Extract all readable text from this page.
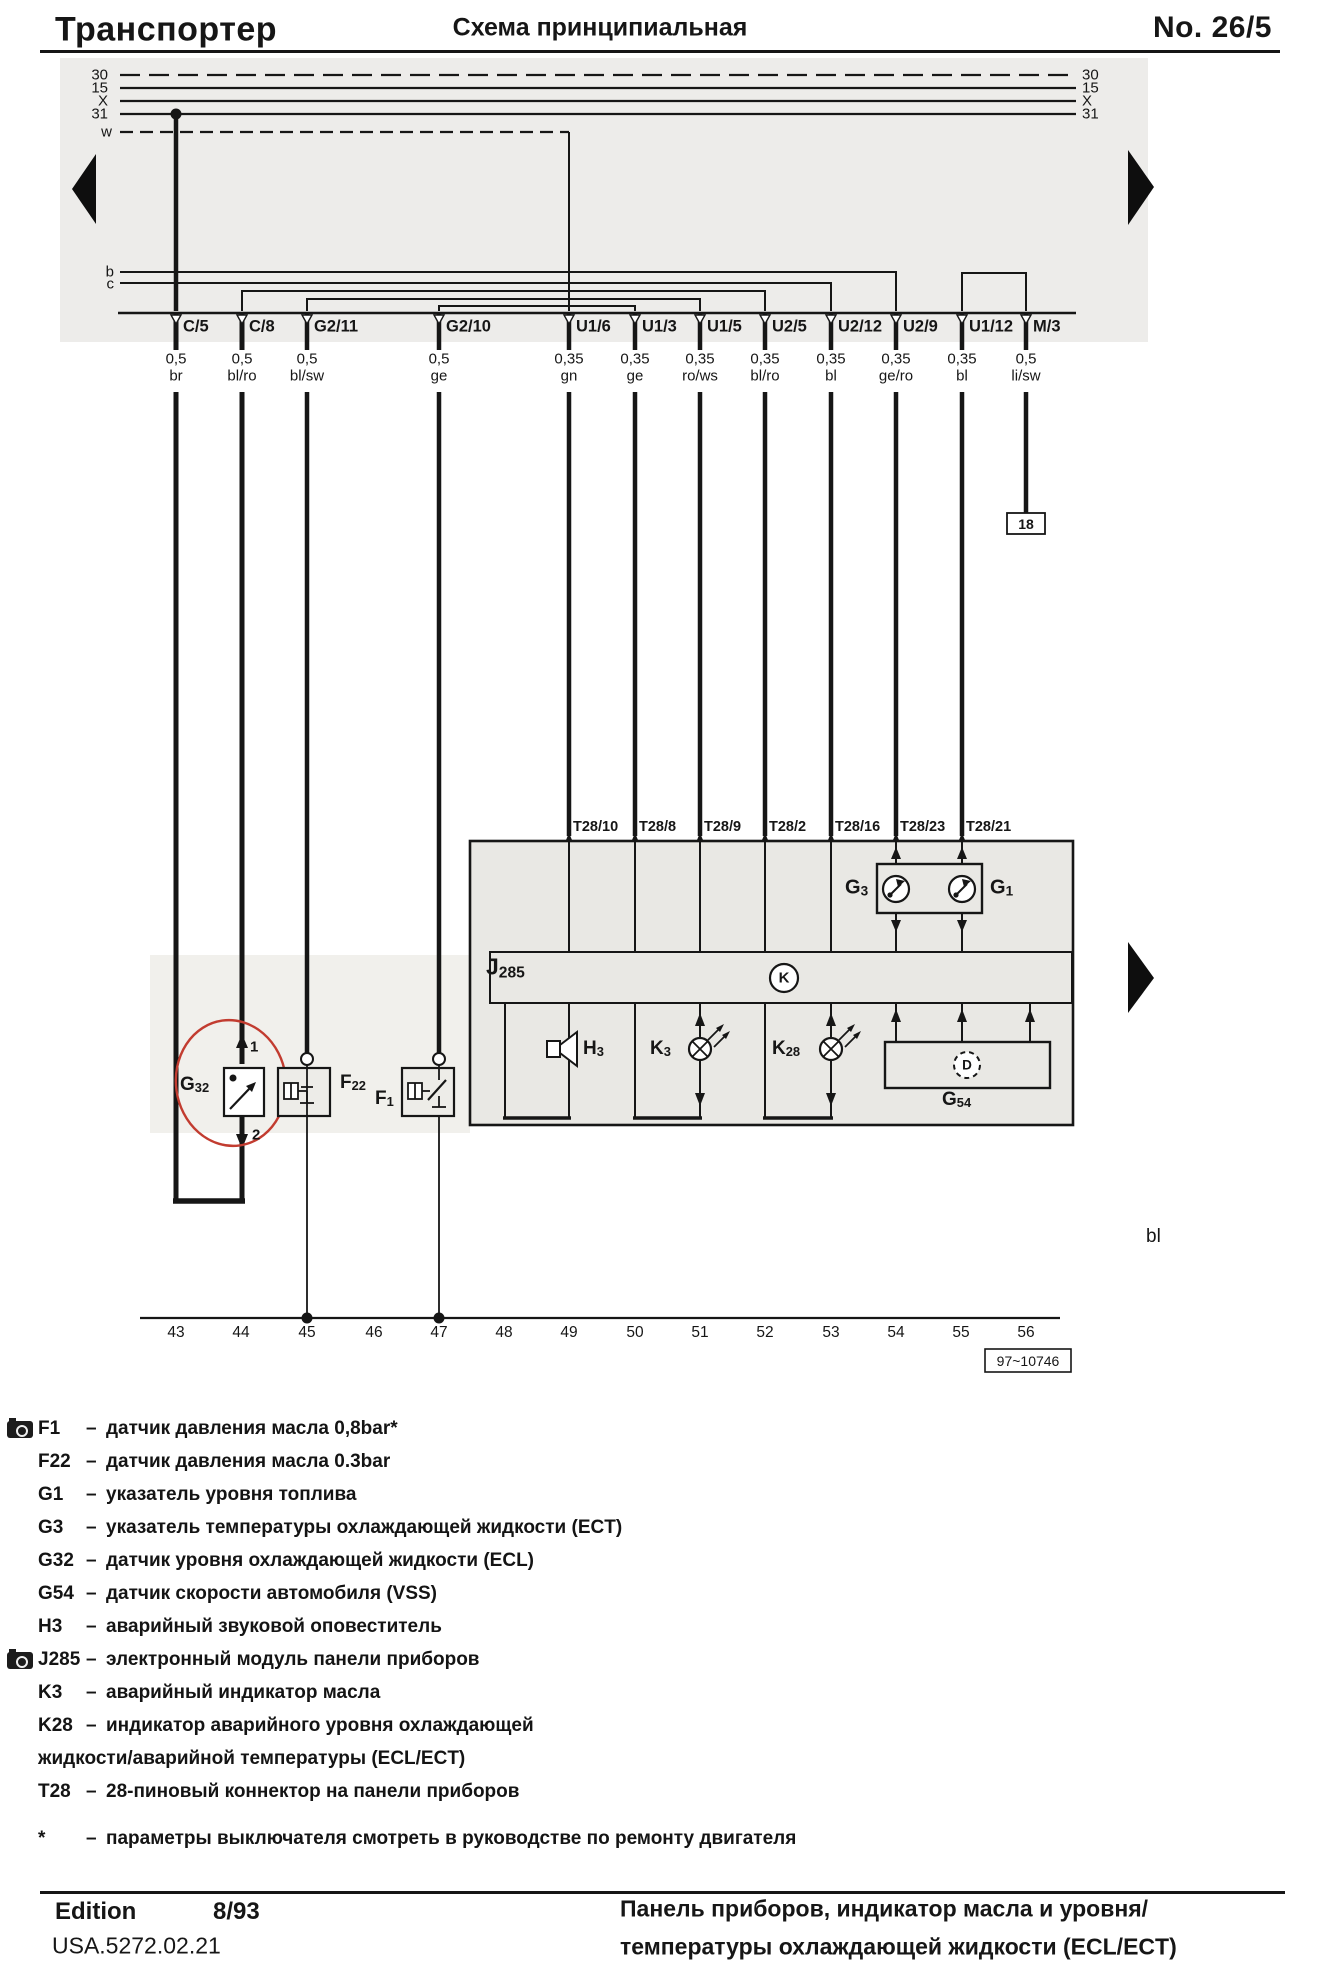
Транспортер	Схема принципиальная	No. 26/5
30	30
15	15
X	X
31	31
w
b
c
C/5
0,5
br
C/8
0,5
bl/ro
G2/11
0,5
bl/sw
G2/10
0,5
ge
U1/6
0,35
gn
U1/3
0,35
ge
U1/5
0,35
ro/ws
U2/5
0,35
bl/ro
U2/12
0,35
bl
U2/9
0,35
ge/ro
U1/12
0,35
bl
M/3
0,5
li/sw
T28/10 T28/8 T28/9 T28/2 T28/16 T28/23 T28/21
43	44	45	46	47	48	49	50	51	52	53	54	55	56
J285
G3	G1
K
H3 K3	K28
G54
D
G32	F22
F1
1
2
18
97~10746
bl
F1 – датчик давления масла 0,8bar*
F22 – датчик давления масла 0.3bar
G1 – указатель уровня топлива
G3 – указатель температуры охлаждающей жидкости (ECT)
G32 – датчик уровня охлаждающей жидкости (ECL)
G54 – датчик скорости автомобиля (VSS)
H3 – аварийный звуковой оповеститель
J285 – электронный модуль панели приборов
K3 – аварийный индикатор масла
K28 – индикатор аварийного уровня охлаждающей
жидкости/аварийной температуры (ECL/ECT)
T28 – 28-пиновый коннектор на панели приборов
* – параметры выключателя смотреть в руководстве по ремонту двигателя
Edition	8/93
USA.5272.02.21
Панель приборов, индикатор масла и уровня/
температуры охлаждающей жидкости (ECL/ECT)
